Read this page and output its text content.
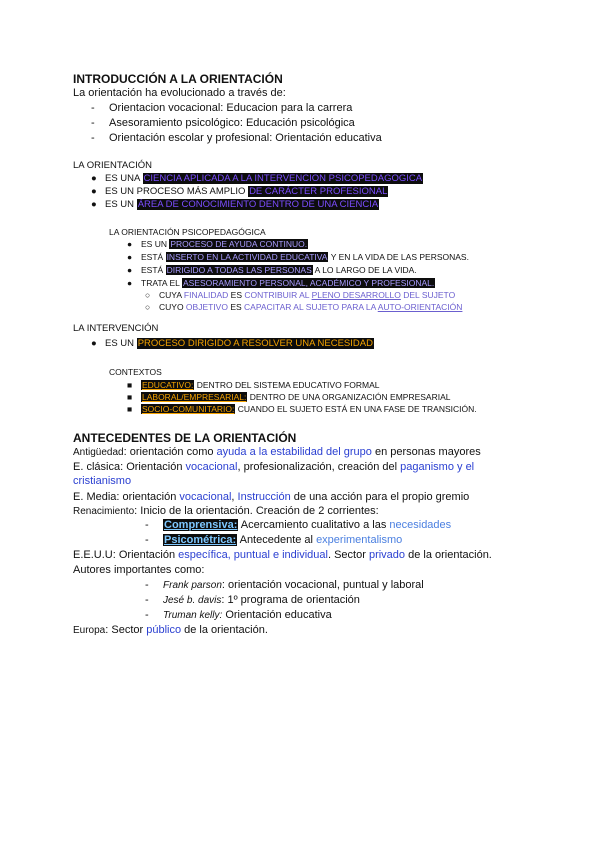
INTRODUCCIÓN A LA ORIENTACIÓN
La orientación ha evolucionado a través de:
- Orientacion vocacional: Educacion para la carrera
- Asesoramiento psicológico: Educación psicológica
- Orientación escolar y profesional: Orientación educativa
LA ORIENTACIÓN
● ES UNA CIENCIA APLICADA A LA INTERVENCION PSICOPEDAGOGICA
● ES UN PROCESO MÁS AMPLIO DE CARÁCTER PROFESIONAL
● ES UN ÁREA DE CONOCIMIENTO DENTRO DE UNA CIENCIA
LA ORIENTACIÓN PSICOPEDAGÓGICA
● ES UN PROCESO DE AYUDA CONTINUO.
● ESTÁ INSERTO EN LA ACTIVIDAD EDUCATIVA Y EN LA VIDA DE LAS PERSONAS.
● ESTÁ DIRIGIDO A TODAS LAS PERSONAS A LO LARGO DE LA VIDA.
● TRATA EL ASESORAMIENTO PERSONAL, ACADÉMICO Y PROFESIONAL.
○ CUYA FINALIDAD ES CONTRIBUIR AL PLENO DESARROLLO DEL SUJETO
○ CUYO OBJETIVO ES CAPACITAR AL SUJETO PARA LA AUTO-ORIENTACIÓN
LA INTERVENCIÓN
● ES UN PROCESO DIRIGIDO A RESOLVER UNA NECESIDAD
CONTEXTOS
■ EDUCATIVO: DENTRO DEL SISTEMA EDUCATIVO FORMAL
■ LABORAL/EMPRESARIAL: DENTRO DE UNA ORGANIZACIÓN EMPRESARIAL
■ SOCIO-COMUNITARIO: CUANDO EL SUJETO ESTÁ EN UNA FASE DE TRANSICIÓN.
ANTECEDENTES DE LA ORIENTACIÓN
Antigüedad: orientación como ayuda a la estabilidad del grupo en personas mayores
E. clásica: Orientación vocacional, profesionalización, creación del paganismo y el
cristianismo
E. Media: orientación vocacional, Instrucción de una acción para el propio gremio
Renacimiento: Inicio de la orientación. Creación de 2 corrientes:
- Comprensiva: Acercamiento cualitativo a las necesidades
- Psicométrica: Antecedente al experimentalismo
E.E.U.U: Orientación específica, puntual e individual. Sector privado de la orientación.
Autores importantes como:
- Frank parson: orientación vocacional, puntual y laboral
- Jesé b. davis: 1º programa de orientación
- Truman kelly: Orientación educativa
Europa: Sector público de la orientación.
